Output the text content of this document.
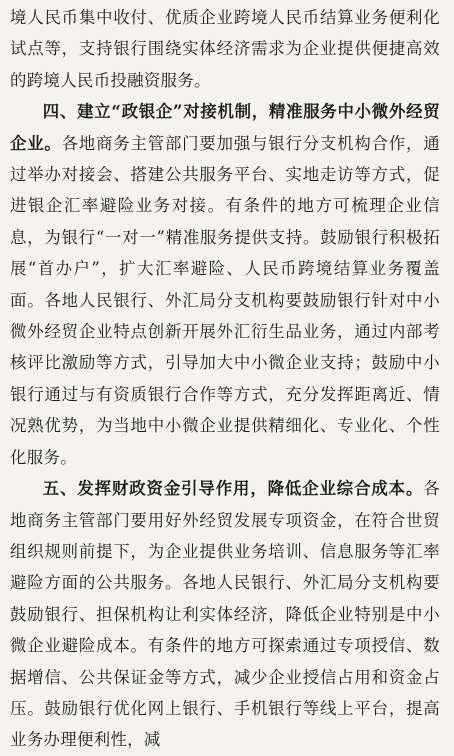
境人民币集中收付、优质企业跨境人民币结算业务便利化试点等，支持银行围绕实体经济需求为企业提供便捷高效的跨境人民币投融资服务。

四、建立“政银企”对接机制，精准服务中小微外经贸企业。各地商务主管部门要加强与银行分支机构合作，通过举办对接会、搭建公共服务平台、实地走访等方式，促进银企汇率避险业务对接。有条件的地方可梳理企业信息，为银行“一对一”精准服务提供支持。鼓励银行积极拓展“首办户”，扩大汇率避险、人民币跨境结算业务覆盖面。各地人民银行、外汇局分支机构要鼓励银行针对中小微外经贸企业特点创新开展外汇衍生品业务，通过内部考核评比激励等方式，引导加大中小微企业支持；鼓励中小银行通过与有资质银行合作等方式，充分发挥距离近、情况熟优势，为当地中小微企业提供精细化、专业化、个性化服务。

五、发挥财政资金引导作用，降低企业综合成本。各地商务主管部门要用好外经贸发展专项资金，在符合世贸组织规则前提下，为企业提供业务培训、信息服务等汇率避险方面的公共服务。各地人民银行、外汇局分支机构要鼓励银行、担保机构让利实体经济，降低企业特别是中小微企业避险成本。有条件的地方可探索通过专项授信、数据增信、公共保证金等方式，减少企业授信占用和资金占压。鼓励银行优化网上银行、手机银行等线上平台，提高业务办理便利性，减
